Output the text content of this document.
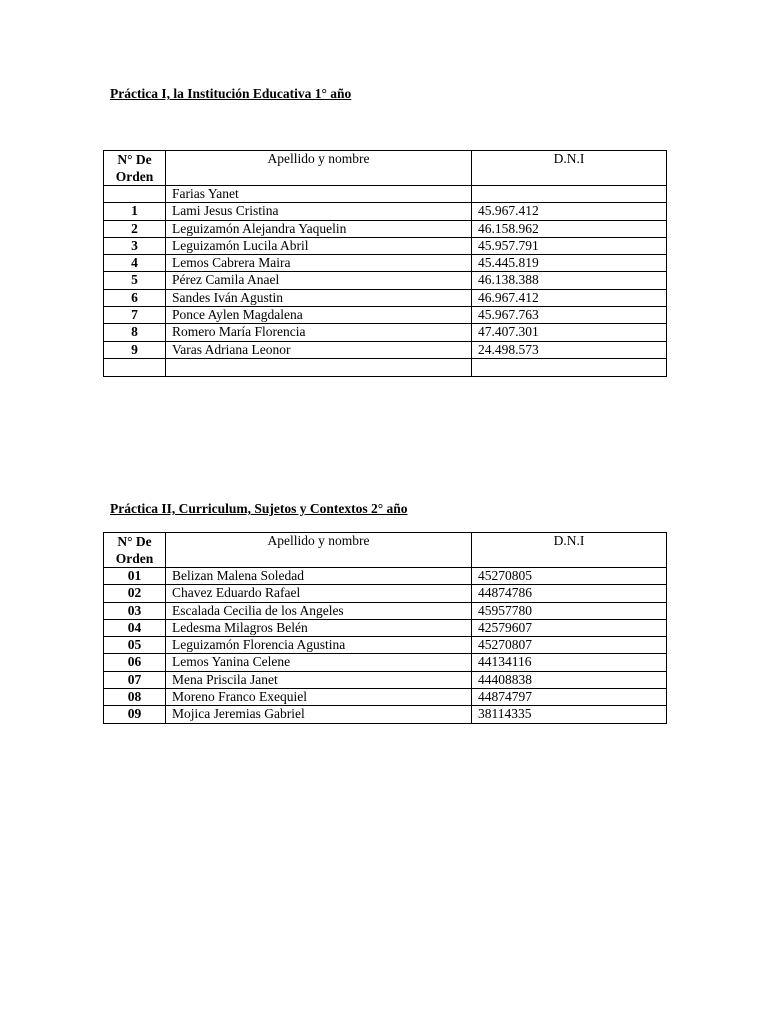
Práctica I, la Institución Educativa 1° año
N° De Orden	Apellido y nombre	D.N.I
	Farias Yanet	
1	Lami Jesus Cristina	45.967.412
2	Leguizamón Alejandra Yaquelin	46.158.962
3	Leguizamón Lucila Abril	45.957.791
4	Lemos Cabrera Maira	45.445.819
5	Pérez Camila Anael	46.138.388
6	Sandes Iván Agustin	46.967.412
7	Ponce Aylen Magdalena	45.967.763
8	Romero María Florencia	47.407.301
9	Varas Adriana Leonor	24.498.573

Práctica II, Curriculum, Sujetos y Contextos 2° año
N° De Orden	Apellido y nombre	D.N.I
01	Belizan Malena Soledad	45270805
02	Chavez Eduardo Rafael	44874786
03	Escalada Cecilia de los Angeles	45957780
04	Ledesma Milagros Belén	42579607
05	Leguizamón Florencia Agustina	45270807
06	Lemos Yanina Celene	44134116
07	Mena Priscila Janet	44408838
08	Moreno Franco Exequiel	44874797
09	Mojica Jeremias Gabriel	38114335
